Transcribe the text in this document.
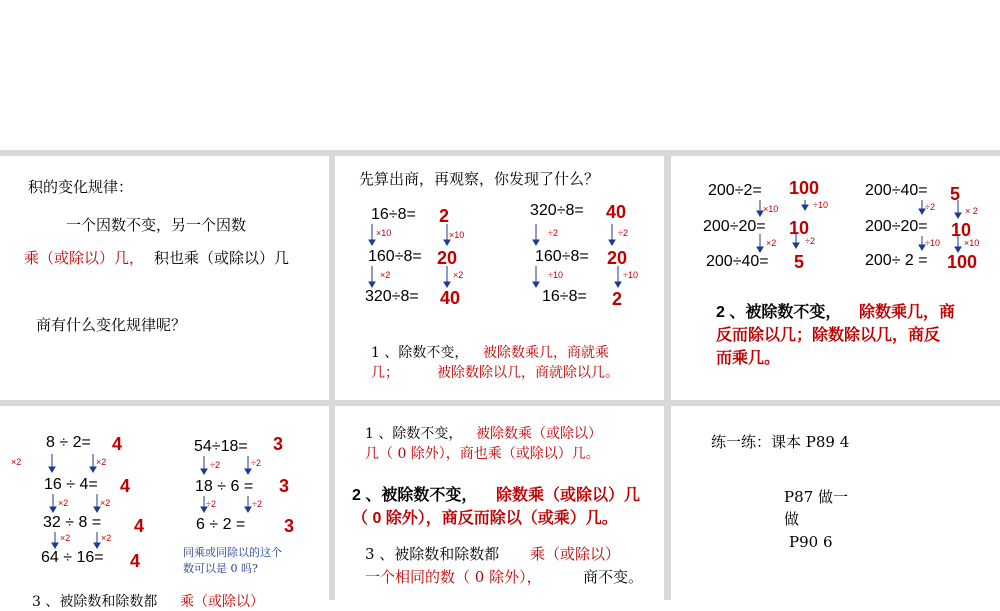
积的变化规律：
一个因数不变，另一个因数
乘（或除以）几， 积也乘（或除以）几
商有什么变化规律呢？
先算出商，再观察，你发现了什么？
16÷8= 2
×10	×10
160÷8= 20
×2	×2
320÷8= 40
320÷8= 40
÷2	÷2
160÷8= 20
÷10	÷10
16÷8= 2
1 、除数不变， 被除数乘几，商就乘
几；	被除数除以几，商就除以几。
200÷2= 100
×10	÷10
200÷20= 10
×2	÷2
200÷40= 5
200÷40= 5
÷2	× 2
200÷20= 10
÷10	×10
200÷ 2 = 100
2 、被除数不变， 除数乘几，商
反而除以几；除数除以几，商反
而乘几。
8 ÷ 2= 4
×2	×2
16 ÷ 4= 4
×2	×2
32 ÷ 8 = 4
×2	×2
64 ÷ 16= 4
54÷18= 3
÷2	÷2
18 ÷ 6 = 3
÷2	÷2
6 ÷ 2 = 3
同乘或同除以的这个
数可以是 0 吗?
3 、被除数和除数都 乘（或除以）
1 、除数不变， 被除数乘（或除以）
几（ 0 除外），商也乘（或除以）几。
2 、被除数不变， 除数乘（或除以）几
（ 0 除外），商反而除以（或乘）几。
3 、被除数和除数都 乘（或除以）
一个相同的数（ 0 除外），	商不变。
练一练：课本 P89 4
P87 做一
做
P90 6
